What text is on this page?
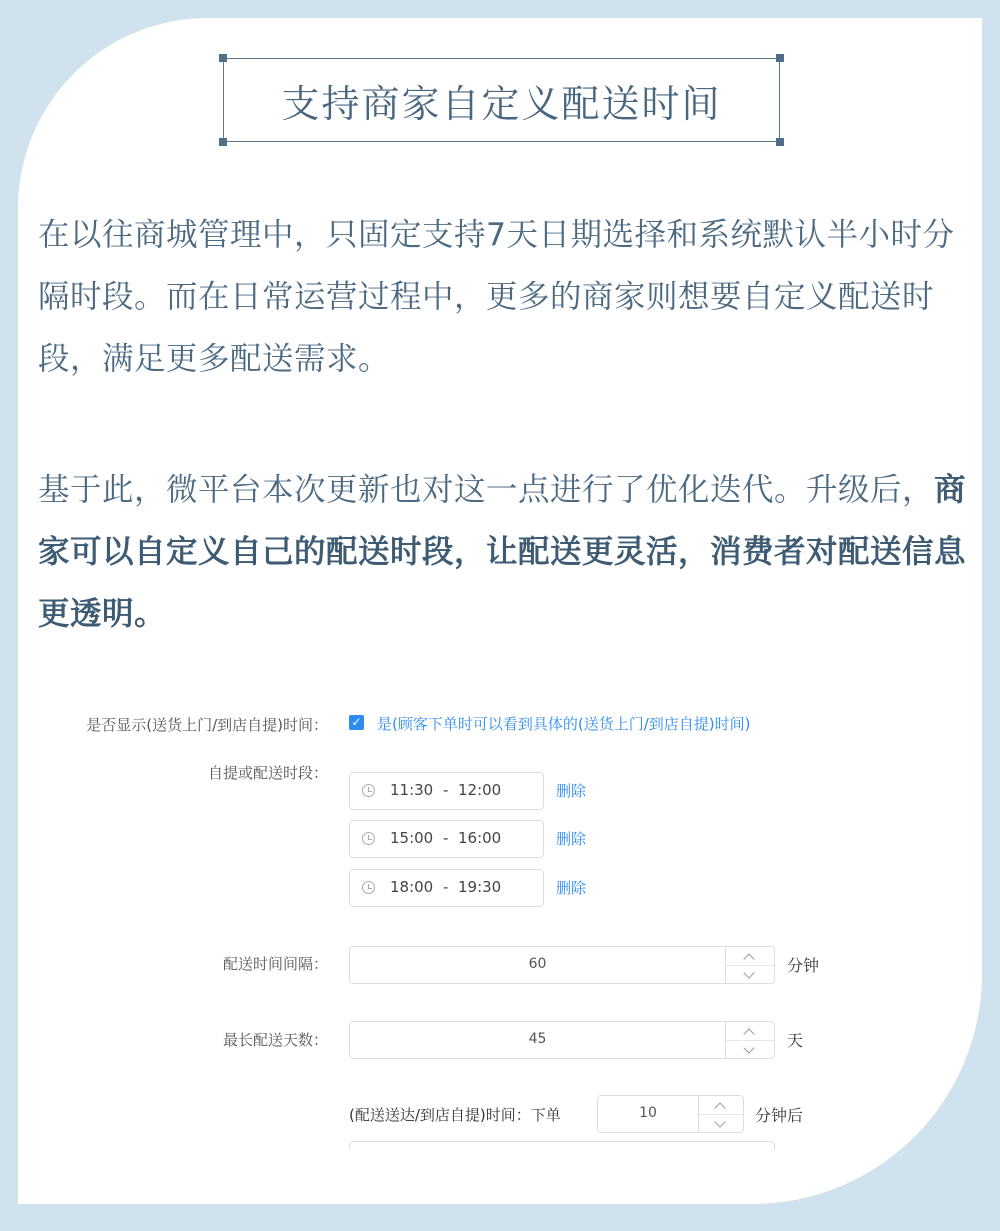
支持商家自定义配送时间
在以往商城管理中，只固定支持7天日期选择和系统默认半小时分隔时段。而在日常运营过程中，更多的商家则想要自定义配送时段，满足更多配送需求。
基于此，微平台本次更新也对这一点进行了优化迭代。升级后，商家可以自定义自己的配送时段，让配送更灵活，消费者对配送信息更透明。
是否显示(送货上门/到店自提)时间： ✓ 是(顾客下单时可以看到具体的(送货上门/到店自提)时间)
自提或配送时段：
11:30 - 12:00	删除
15:00 - 16:00	删除
18:00 - 19:30	删除
配送时间间隔：	60	分钟
最长配送天数：	45	天
(配送送达/到店自提)时间：下单	10	分钟后
